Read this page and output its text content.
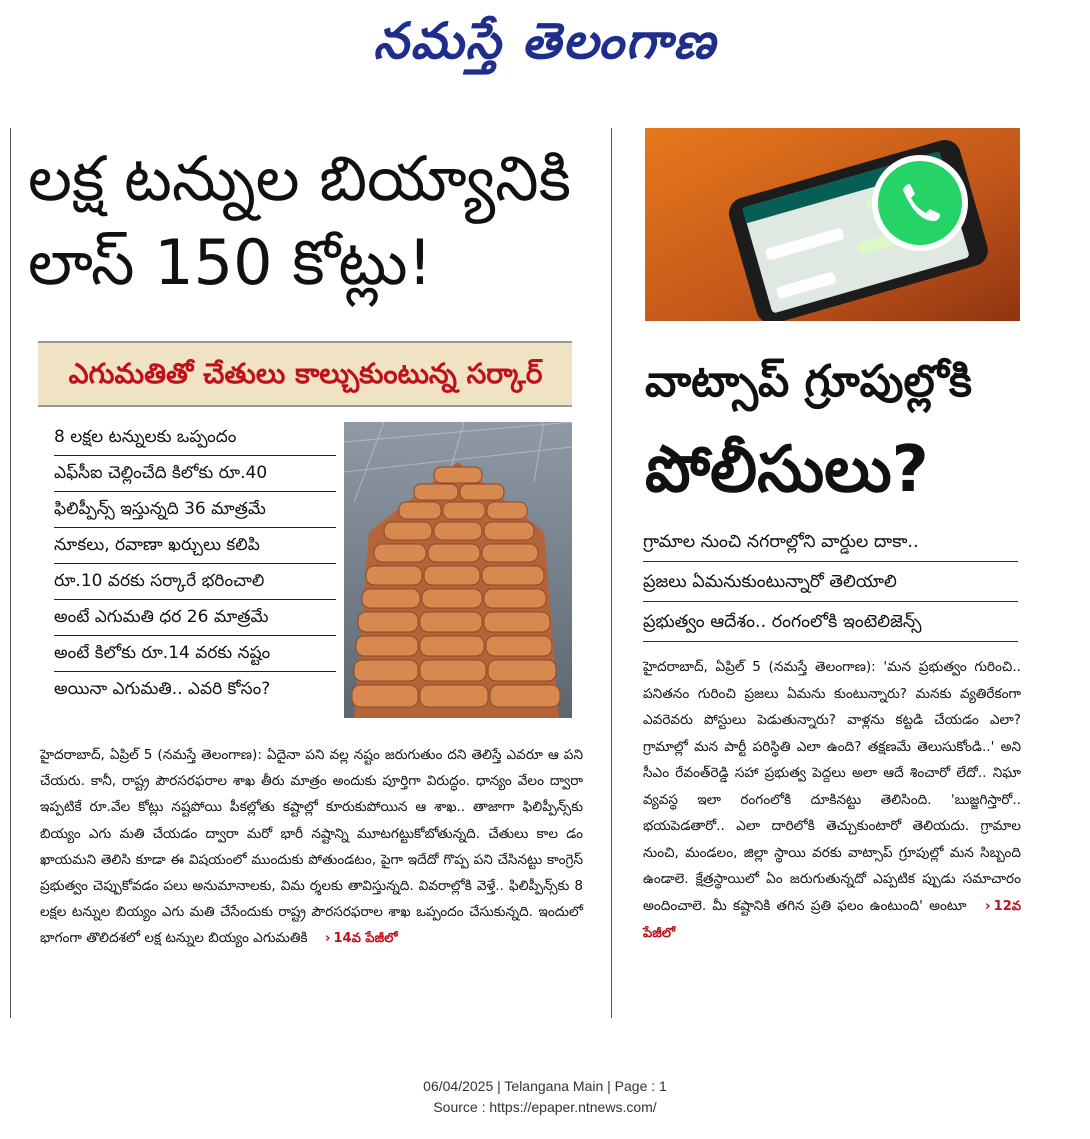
నమస్తే తెలంగాణ
లక్ష టన్నుల బియ్యానికి
లాస్ 150 కోట్లు!
ఎగుమతితో చేతులు కాల్చుకుంటున్న సర్కార్
8 లక్షల టన్నులకు ఒప్పందం
ఎఫ్‌సీఐ చెల్లించేది కిలోకు రూ.40
ఫిలిప్పీన్స్ ఇస్తున్నది 36 మాత్రమే
నూకలు, రవాణా ఖర్చులు కలిపి
రూ.10 వరకు సర్కారే భరించాలి
అంటే ఎగుమతి ధర 26 మాత్రమే
అంటే కిలోకు రూ.14 వరకు నష్టం
అయినా ఎగుమతి.. ఎవరి కోసం?

హైదరాబాద్, ఏప్రిల్ 5 (నమస్తే తెలంగాణ): ఏదైనా పని వల్ల నష్టం జరుగుతుం దని తెలిస్తే ఎవరూ ఆ పని చేయరు. కానీ, రాష్ట్ర పౌరసరఫరాల శాఖ తీరు మాత్రం అందుకు పూర్తిగా విరుద్ధం. ధాన్యం వేలం ద్వారా ఇప్పటికే రూ.వేల కోట్లు నష్టపోయి పీకల్లోతు కష్టాల్లో కూరుకుపోయిన ఆ శాఖ.. తాజాగా ఫిలిప్పీన్స్‌కు బియ్యం ఎగు మతి చేయడం ద్వారా మరో భారీ నష్టాన్ని మూటగట్టుకోబోతున్నది. చేతులు కాల డం ఖాయమని తెలిసి కూడా ఈ విషయంలో ముందుకు పోతుండటం, పైగా ఇదేదో గొప్ప పని చేసినట్టు కాంగ్రెస్ ప్రభుత్వం చెప్పుకోవడం పలు అనుమానాలకు, విమ ర్శలకు తావిస్తున్నది. వివరాల్లోకి వెళ్తే.. ఫిలిప్పీన్స్‌కు 8 లక్షల టన్నుల బియ్యం ఎగు మతి చేసేందుకు రాష్ట్ర పౌరసరఫరాల శాఖ ఒప్పందం చేసుకున్నది. ఇందులో భాగంగా తొలిదశలో లక్ష టన్నుల బియ్యం ఎగుమతికి › 14వ పేజీలో

వాట్సాప్ గ్రూపుల్లోకి
పోలీసులు?
గ్రామాల నుంచి నగరాల్లోని వార్డుల దాకా..
ప్రజలు ఏమనుకుంటున్నారో తెలియాలి
ప్రభుత్వం ఆదేశం.. రంగంలోకి ఇంటెలిజెన్స్

హైదరాబాద్, ఏప్రిల్ 5 (నమస్తే తెలంగాణ): 'మన ప్రభుత్వం గురించి.. పనితనం గురించి ప్రజలు ఏమను కుంటున్నారు? మనకు వ్యతిరేకంగా ఎవరెవరు పోస్టులు పెడుతున్నారు? వాళ్లను కట్టడి చేయడం ఎలా? గ్రామాల్లో మన పార్టీ పరిస్థితి ఎలా ఉంది? తక్షణమే తెలుసుకోండి..' అని సీఎం రేవంత్‌రెడ్డి సహా ప్రభుత్వ పెద్దలు అలా ఆదే శించారో లేదో.. నిఘా వ్యవస్థ ఇలా రంగంలోకి దూకినట్టు తెలిసింది. 'బుజ్జగిస్తారో.. భయపెడతారో.. ఎలా దారిలోకి తెచ్చుకుంటారో తెలియదు. గ్రామాల నుంచి, మండలం, జిల్లా స్థాయి వరకు వాట్సాప్ గ్రూపుల్లో మన సిబ్బంది ఉండాలె. క్షేత్రస్థాయిలో ఏం జరుగుతున్నదో ఎప్పటిక ప్పుడు సమాచారం అందించాలె. మీ కష్టానికి తగిన ప్రతి ఫలం ఉంటుంది' అంటూ › 12వ పేజీలో

06/04/2025 | Telangana Main | Page : 1
Source : https://epaper.ntnews.com/
